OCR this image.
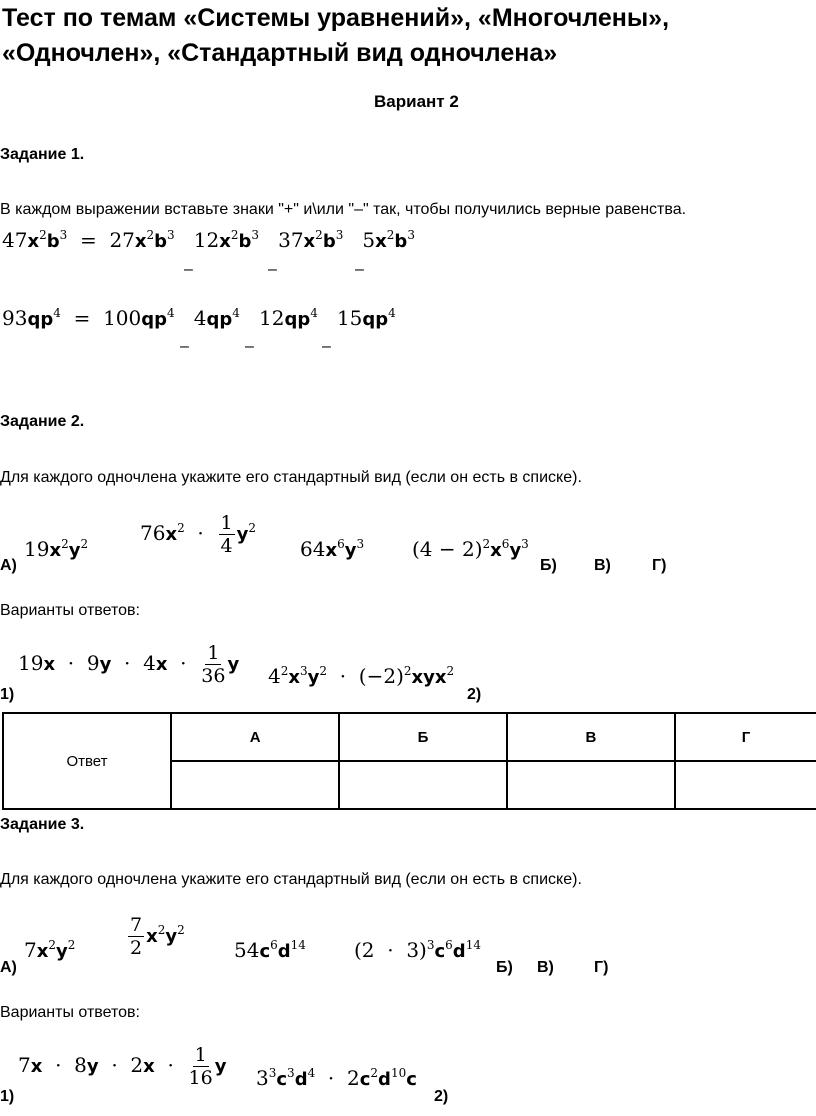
Тест по темам «Системы уравнений», «Многочлены»,
«Одночлен», «Стандартный вид одночлена»
Вариант 2
Задание 1.
В каждом выражении вставьте знаки "+" и\или "–" так, чтобы получились верные равенства.
$47x^2b^3 = 27x^2b^3$ $12x^2b^3$ $37x^2b^3$ $5x^2b^3$
–	–	–
$93qp^4 = 100qp^4$ $4qp^4$ $12qp^4$ $15qp^4$
–	–	–
Задание 2.
Для каждого одночлена укажите его стандартный вид (если он есть в списке).
$19x^2y^2$	$76x^2 \cdot \frac{1}{4} y^2$
$64x^6y^3$ $(4 - 2)^2x^6y^3$
А)	Б) В)	Г)
Варианты ответов:
$19x \cdot 9y \cdot 4x \cdot \frac{1}{36}$ y $4^2x^3y^2 \cdot (-2)^2xyx^2$
1)	2)
Ответ	А	Б	В	Г

Задание 3.
Для каждого одночлена укажите его стандартный вид (если он есть в списке).
$7x^2y^2$	$\frac{7}{2} x^2y^2$
$54c^6d^{14}$ $(2 \cdot 3)^3c^6d^{14}$
А)	Б) В)	Г)
Варианты ответов:
$7x \cdot 8y \cdot 2x \cdot \frac{1}{16}$ y $3^3c^3d^4 \cdot 2c^2d^{10}c$
1)	2)
